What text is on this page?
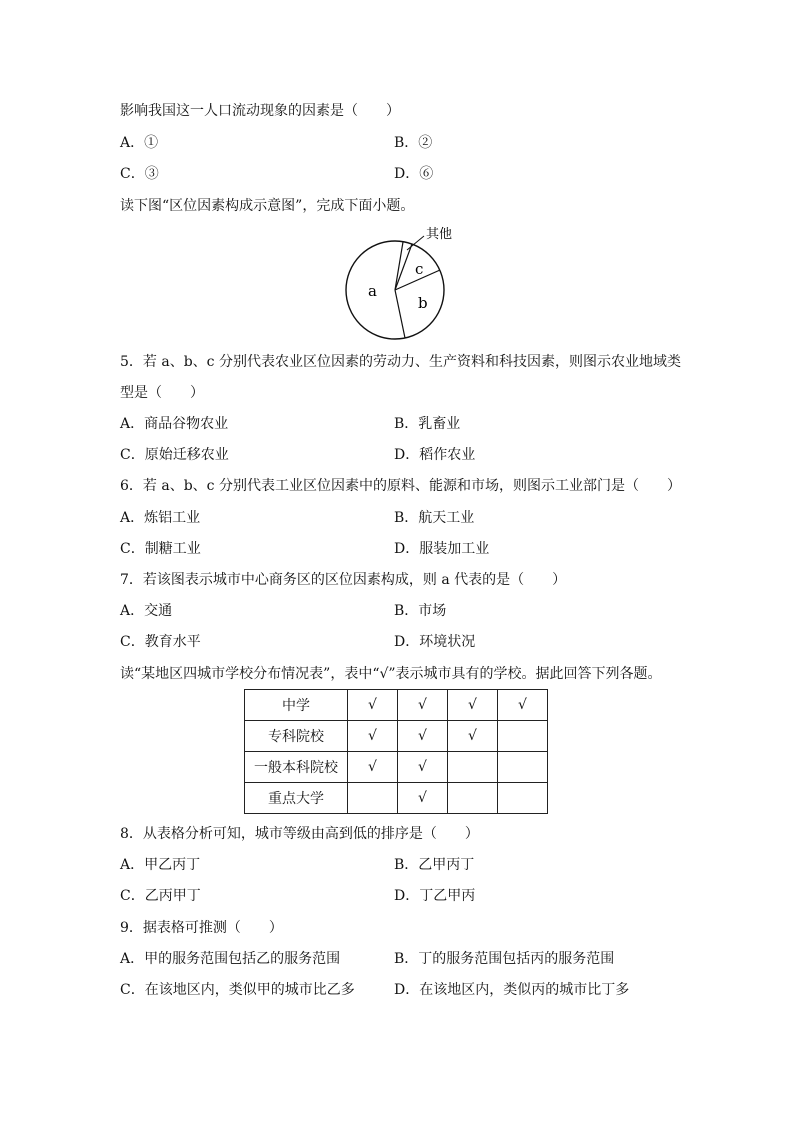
影响我国这一人口流动现象的因素是（　　）
A．①	B．②
C．③	D．⑥
读下图“区位因素构成示意图”，完成下面小题。
其他
c
a
b
5．若 a、b、c 分别代表农业区位因素的劳动力、生产资料和科技因素，则图示农业地域类
型是（　　）
A．商品谷物农业	B．乳畜业
C．原始迁移农业	D．稻作农业
6．若 a、b、c 分别代表工业区位因素中的原料、能源和市场，则图示工业部门是（　　）
A．炼铝工业	B．航天工业
C．制糖工业	D．服装加工业
7．若该图表示城市中心商务区的区位因素构成，则 a 代表的是（　　）
A．交通	B．市场
C．教育水平	D．环境状况
读“某地区四城市学校分布情况表”，表中“√”表示城市具有的学校。据此回答下列各题。
中学	√	√	√	√
专科院校	√	√	√	
一般本科院校	√	√		
重点大学		√		
8．从表格分析可知，城市等级由高到低的排序是（　　）
A．甲乙丙丁	B．乙甲丙丁
C．乙丙甲丁	D．丁乙甲丙
9．据表格可推测（　　）
A．甲的服务范围包括乙的服务范围	B．丁的服务范围包括丙的服务范围
C．在该地区内，类似甲的城市比乙多	D．在该地区内，类似丙的城市比丁多
